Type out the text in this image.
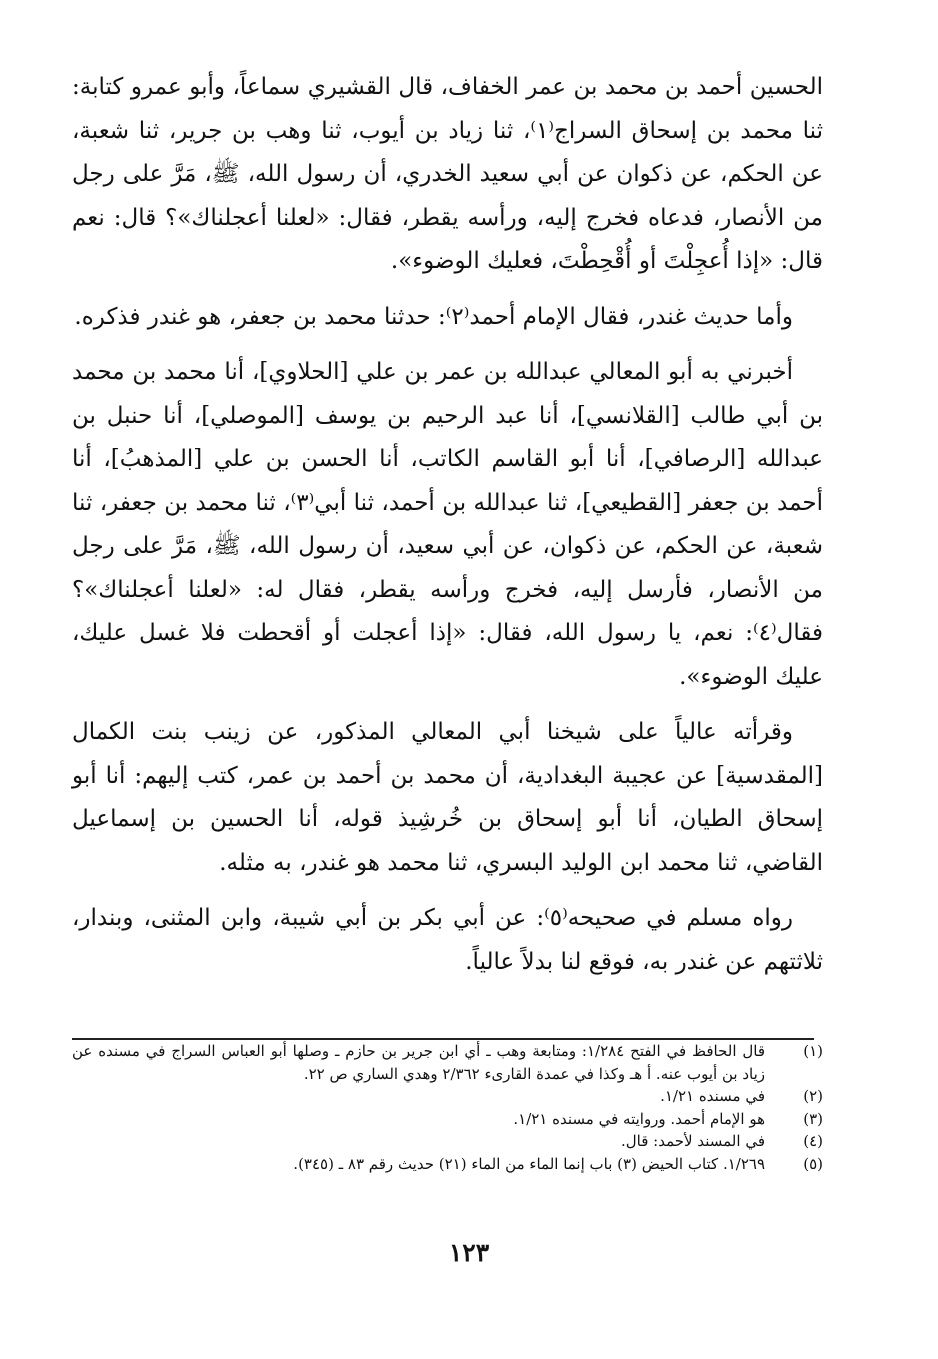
الحسين أحمد بن محمد بن عمر الخفاف، قال القشيري سماعاً، وأبو عمرو كتابة: ثنا محمد بن إسحاق السراج⁽١⁾، ثنا زياد بن أيوب، ثنا وهب بن جرير، ثنا شعبة، عن الحكم، عن ذكوان عن أبي سعيد الخدري، أن رسول الله، ﷺ، مَرَّ على رجل من الأنصار، فدعاه فخرج إليه، ورأسه يقطر، فقال: «لعلنا أعجلناك»؟ قال: نعم قال: «إذا أُعجِلْتَ أو أُقْحِطْتَ، فعليك الوضوء».

وأما حديث غندر، فقال الإمام أحمد⁽٢⁾: حدثنا محمد بن جعفر، هو غندر فذكره.

أخبرني به أبو المعالي عبدالله بن عمر بن علي [الحلاوي]، أنا محمد بن محمد بن أبي طالب [القلانسي]، أنا عبد الرحيم بن يوسف [الموصلي]، أنا حنبل بن عبدالله [الرصافي]، أنا أبو القاسم الكاتب، أنا الحسن بن علي [المذهبُ]، أنا أحمد بن جعفر [القطيعي]، ثنا عبدالله بن أحمد، ثنا أبي⁽٣⁾، ثنا محمد بن جعفر، ثنا شعبة، عن الحكم، عن ذكوان، عن أبي سعيد، أن رسول الله، ﷺ، مَرَّ على رجل من الأنصار، فأرسل إليه، فخرج ورأسه يقطر، فقال له: «لعلنا أعجلناك»؟ فقال⁽٤⁾: نعم، يا رسول الله، فقال: «إذا أعجلت أو أقحطت فلا غسل عليك، عليك الوضوء».

وقرأته عالياً على شيخنا أبي المعالي المذكور، عن زينب بنت الكمال [المقدسية] عن عجيبة البغدادية، أن محمد بن أحمد بن عمر، كتب إليهم: أنا أبو إسحاق الطيان، أنا أبو إسحاق بن خُرشِيذ قوله، أنا الحسين بن إسماعيل القاضي، ثنا محمد ابن الوليد البسري، ثنا محمد هو غندر، به مثله.

رواه مسلم في صحيحه⁽٥⁾: عن أبي بكر بن أبي شيبة، وابن المثنى، وبندار، ثلاثتهم عن غندر به، فوقع لنا بدلاً عالياً.

(١)
قال الحافظ في الفتح ١/٢٨٤: ومتابعة وهب ـ أي ابن جرير بن حازم ـ وصلها أبو العباس السراج في مسنده عن زياد بن أيوب عنه. أ هـ وكذا في عمدة القارىء ٢/٣٦٢ وهدي الساري ص ٢٢.
(٢)
في مسنده ١/٢١.
(٣)
هو الإمام أحمد. وروايته في مسنده ١/٢١.
(٤)
في المسند لأحمد: قال.
(٥)
١/٢٦٩. كتاب الحيض (٣) باب إنما الماء من الماء (٢١) حديث رقم ٨٣ ـ (٣٤٥).
١٢٣
